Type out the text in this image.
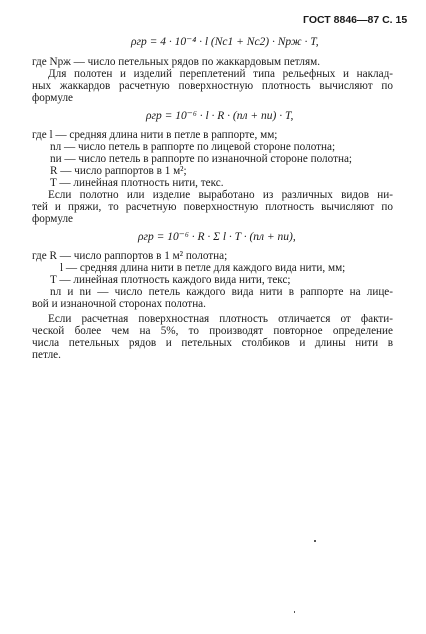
ГОСТ 8846—87 С. 15
ρ⁢гр = 4 · 10⁻⁴ · l (Nс1 + Nс2) · Nрж · T,
где Nрж — число петельных рядов по жаккардовым петлям.
Для полотен и изделий переплетений типа рельефных и наклад-
ных жаккардов расчетную поверхностную плотность вычисляют по
формуле
ρгр = 10⁻⁶ · l · R · (nл + nи) · T,
где l — средняя длина нити в петле в раппорте, мм;
nл — число петель в раппорте по лицевой стороне полотна;
nи — число петель в раппорте по изнаночной стороне полотна;
R — число раппортов в 1 м²;
T — линейная плотность нити, текс.
Если полотно или изделие выработано из различных видов ни-
тей и пряжи, то расчетную поверхностную плотность вычисляют по
формуле
ρгр = 10⁻⁶ · R · Σ l · T · (nл + nи),
где R — число раппортов в 1 м² полотна;
l — средняя длина нити в петле для каждого вида нити, мм;
T — линейная плотность каждого вида нити, текс;
nл и nи — число петель каждого вида нити в раппорте на лице-
вой и изнаночной сторонах полотна.
Если расчетная поверхностная плотность отличается от факти-
ческой более чем на 5%, то производят повторное определение
числа петельных рядов и петельных столбиков и длины нити в
петле.
